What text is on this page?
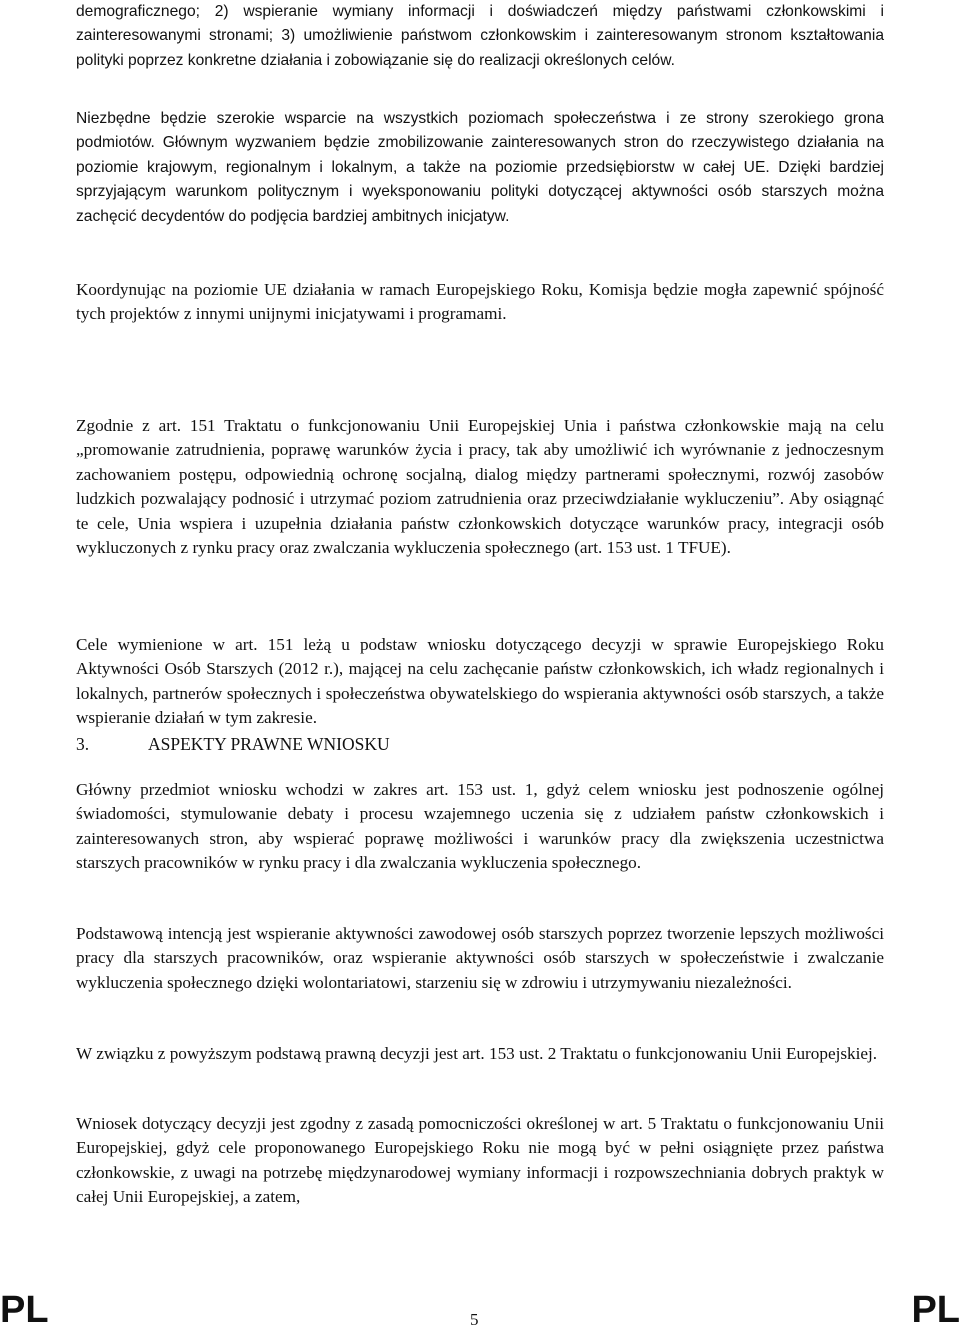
demograficznego; 2) wspieranie wymiany informacji i doświadczeń między państwami członkowskimi i zainteresowanymi stronami; 3) umożliwienie państwom członkowskim i zainteresowanym stronom kształtowania polityki poprzez konkretne działania i zobowiązanie się do realizacji określonych celów.

Niezbędne będzie szerokie wsparcie na wszystkich poziomach społeczeństwa i ze strony szerokiego grona podmiotów. Głównym wyzwaniem będzie zmobilizowanie zainteresowanych stron do rzeczywistego działania na poziomie krajowym, regionalnym i lokalnym, a także na poziomie przedsiębiorstw w całej UE. Dzięki bardziej sprzyjającym warunkom politycznym i wyeksponowaniu polityki dotyczącej aktywności osób starszych można zachęcić decydentów do podjęcia bardziej ambitnych inicjatyw.

Koordynując na poziomie UE działania w ramach Europejskiego Roku, Komisja będzie mogła zapewnić spójność tych projektów z innymi unijnymi inicjatywami i programami.

3.	ASPEKTY PRAWNE WNIOSKU

Zgodnie z art. 151 Traktatu o funkcjonowaniu Unii Europejskiej Unia i państwa członkowskie mają na celu „promowanie zatrudnienia, poprawę warunków życia i pracy, tak aby umożliwić ich wyrównanie z jednoczesnym zachowaniem postępu, odpowiednią ochronę socjalną, dialog między partnerami społecznymi, rozwój zasobów ludzkich pozwalający podnosić i utrzymać poziom zatrudnienia oraz przeciwdziałanie wykluczeniu”. Aby osiągnąć te cele, Unia wspiera i uzupełnia działania państw członkowskich dotyczące warunków pracy, integracji osób wykluczonych z rynku pracy oraz zwalczania wykluczenia społecznego (art. 153 ust. 1 TFUE).

Cele wymienione w art. 151 leżą u podstaw wniosku dotyczącego decyzji w sprawie Europejskiego Roku Aktywności Osób Starszych (2012 r.), mającej na celu zachęcanie państw członkowskich, ich władz regionalnych i lokalnych, partnerów społecznych i społeczeństwa obywatelskiego do wspierania aktywności osób starszych, a także wspieranie działań w tym zakresie.

Główny przedmiot wniosku wchodzi w zakres art. 153 ust. 1, gdyż celem wniosku jest podnoszenie ogólnej świadomości, stymulowanie debaty i procesu wzajemnego uczenia się z udziałem państw członkowskich i zainteresowanych stron, aby wspierać poprawę możliwości i warunków pracy dla zwiększenia uczestnictwa starszych pracowników w rynku pracy i dla zwalczania wykluczenia społecznego.

Podstawową intencją jest wspieranie aktywności zawodowej osób starszych poprzez tworzenie lepszych możliwości pracy dla starszych pracowników, oraz wspieranie aktywności osób starszych w społeczeństwie i zwalczanie wykluczenia społecznego dzięki wolontariatowi, starzeniu się w zdrowiu i utrzymywaniu niezależności.

W związku z powyższym podstawą prawną decyzji jest art. 153 ust. 2 Traktatu o funkcjonowaniu Unii Europejskiej.

Wniosek dotyczący decyzji jest zgodny z zasadą pomocniczości określonej w art. 5 Traktatu o funkcjonowaniu Unii Europejskiej, gdyż cele proponowanego Europejskiego Roku nie mogą być w pełni osiągnięte przez państwa członkowskie, z uwagi na potrzebę międzynarodowej wymiany informacji i rozpowszechniania dobrych praktyk w całej Unii Europejskiej, a zatem,

PL	5	PL
